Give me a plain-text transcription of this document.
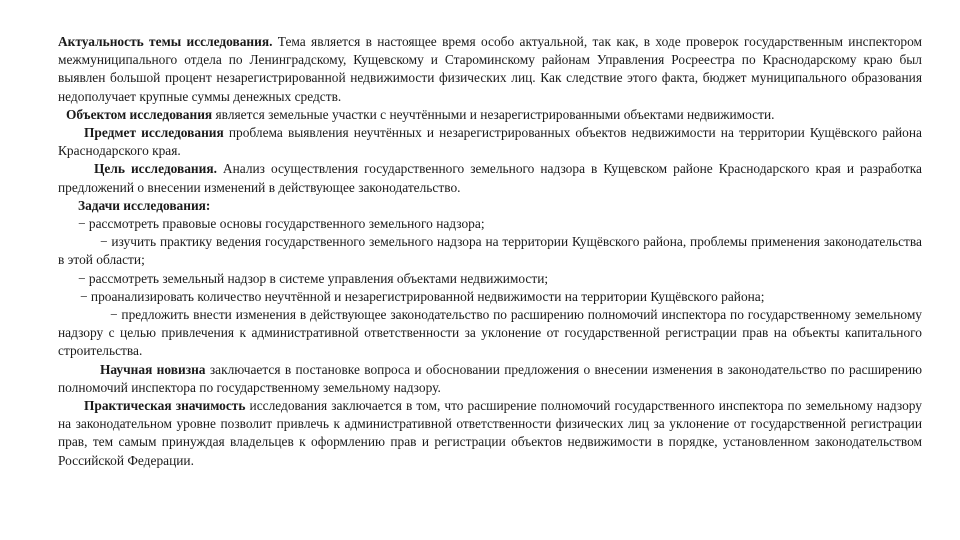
Актуальность темы исследования. Тема является в настоящее время особо актуальной, так как, в ходе проверок государственным инспектором межмуниципального отдела по Ленинградскому, Кущевскому и Староминскому районам Управления Росреестра по Краснодарскому краю был выявлен большой процент незарегистрированной недвижимости физических лиц. Как следствие этого факта, бюджет муниципального образования недополучает крупные суммы денежных средств.

Объектом исследования является земельные участки с неучтёнными и незарегистрированными объектами недвижимости.

Предмет исследования проблема выявления неучтённых и незарегистрированных объектов недвижимости на территории Кущёвского района Краснодарского края.

Цель исследования. Анализ осуществления государственного земельного надзора в Кущевском районе Краснодарского края и разработка предложений о внесении изменений в действующее законодательство.

Задачи исследования:

− рассмотреть правовые основы государственного земельного надзора;

− изучить практику ведения государственного земельного надзора на территории Кущёвского района, проблемы применения законодательства в этой области;

− рассмотреть земельный надзор в системе управления объектами недвижимости;

− проанализировать количество неучтённой и незарегистрированной недвижимости на территории Кущёвского района;

− предложить внести изменения в действующее законодательство по расширению полномочий инспектора по государственному земельному надзору с целью привлечения к административной ответственности за уклонение от государственной регистрации прав на объекты капитального строительства.

Научная новизна заключается в постановке вопроса и обосновании предложения о внесении изменения в законодательство по расширению полномочий инспектора по государственному земельному надзору.

Практическая значимость исследования заключается в том, что расширение полномочий государственного инспектора по земельному надзору на законодательном уровне позволит привлечь к административной ответственности физических лиц за уклонение от государственной регистрации прав, тем самым принуждая владельцев к оформлению прав и регистрации объектов недвижимости в порядке, установленном законодательством Российской Федерации.
